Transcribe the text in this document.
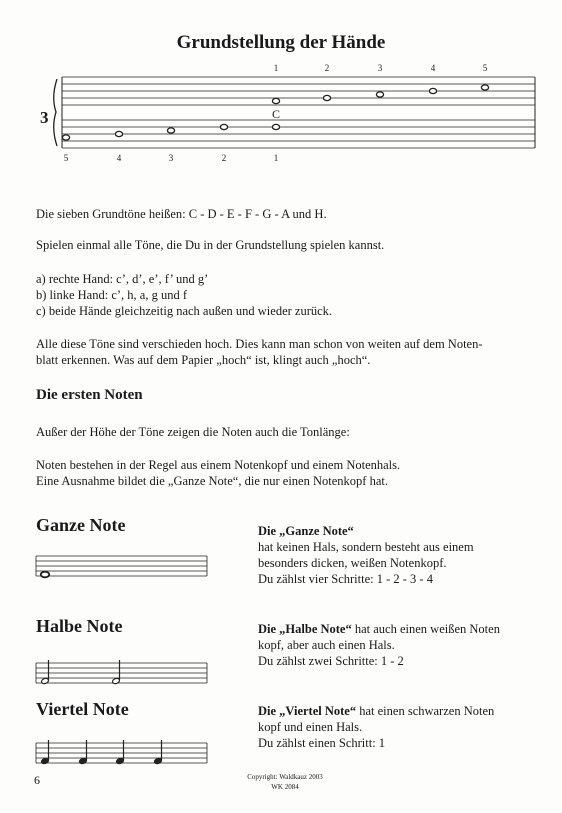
Grundstellung der Hände
1	2	3	4	5
5	4	3	2	1
3	C
Die sieben Grundtöne heißen: C - D - E - F - G - A und H.
Spielen einmal alle Töne, die Du in der Grundstellung spielen kannst.
a) rechte Hand: c’, d’, e’, f’ und g’
b) linke Hand: c’, h, a, g und f
c) beide Hände gleichzeitig nach außen und wieder zurück.
Alle diese Töne sind verschieden hoch. Dies kann man schon von weiten auf dem Noten-
blatt erkennen. Was auf dem Papier „hoch“ ist, klingt auch „hoch“.
Die ersten Noten
Außer der Höhe der Töne zeigen die Noten auch die Tonlänge:
Noten bestehen in der Regel aus einem Notenkopf und einem Notenhals.
Eine Ausnahme bildet die „Ganze Note“, die nur einen Notenkopf hat.
Ganze Note	Die „Ganze Note“
hat keinen Hals, sondern besteht aus einem
besonders dicken, weißen Notenkopf.
Du zählst vier Schritte: 1 - 2 - 3 - 4
Halbe Note	Die „Halbe Note“ hat auch einen weißen Noten
kopf, aber auch einen Hals.
Du zählst zwei Schritte: 1 - 2
Viertel Note	Die „Viertel Note“ hat einen schwarzen Noten
kopf und einen Hals.
Du zählst einen Schritt: 1
6	Copyright: Waldkauz 2003
WK 2084
